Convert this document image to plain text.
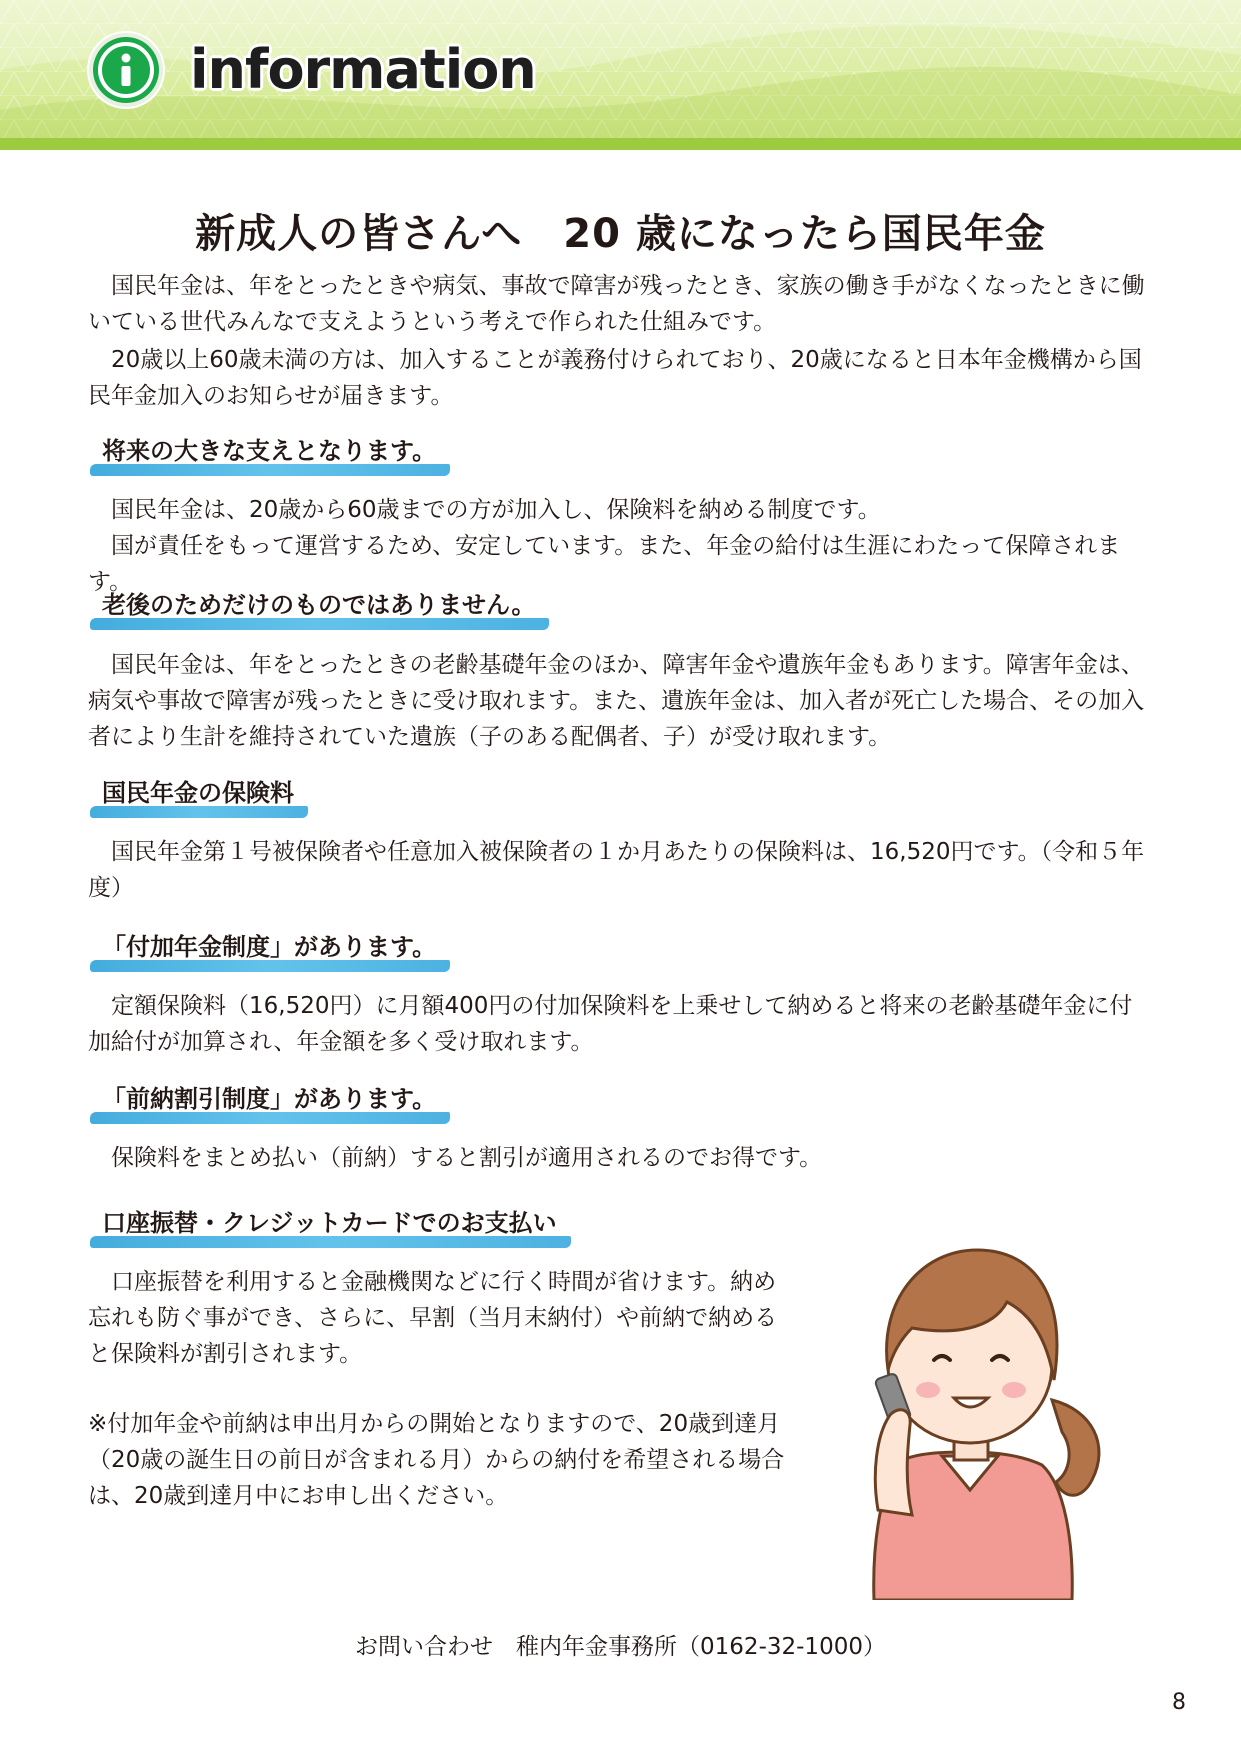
information
新成人の皆さんへ　20 歳になったら国民年金

　国民年金は、年をとったときや病気、事故で障害が残ったとき、家族の働き手がなくなったときに働いている世代みんなで支えようという考えで作られた仕組みです。

　20歳以上60歳未満の方は、加入することが義務付けられており、20歳になると日本年金機構から国民年金加入のお知らせが届きます。

将来の大きな支えとなります。

　国民年金は、20歳から60歳までの方が加入し、保険料を納める制度です。

　国が責任をもって運営するため、安定しています。また、年金の給付は生涯にわたって保障されます。

老後のためだけのものではありません。

　国民年金は、年をとったときの老齢基礎年金のほか、障害年金や遺族年金もあります。障害年金は、病気や事故で障害が残ったときに受け取れます。また、遺族年金は、加入者が死亡した場合、その加入者により生計を維持されていた遺族（子のある配偶者、子）が受け取れます。

国民年金の保険料

　国民年金第１号被保険者や任意加入被保険者の１か月あたりの保険料は、16,520円です。（令和５年度）

「付加年金制度」があります。

　定額保険料（16,520円）に月額400円の付加保険料を上乗せして納めると将来の老齢基礎年金に付加給付が加算され、年金額を多く受け取れます。

「前納割引制度」があります。

　保険料をまとめ払い（前納）すると割引が適用されるのでお得です。

口座振替・クレジットカードでのお支払い

　口座振替を利用すると金融機関などに行く時間が省けます。納め忘れも防ぐ事ができ、さらに、早割（当月末納付）や前納で納めると保険料が割引されます。

※付加年金や前納は申出月からの開始となりますので、20歳到達月（20歳の誕生日の前日が含まれる月）からの納付を希望される場合は、20歳到達月中にお申し出ください。

お問い合わせ　稚内年金事務所（0162-32-1000）
8
